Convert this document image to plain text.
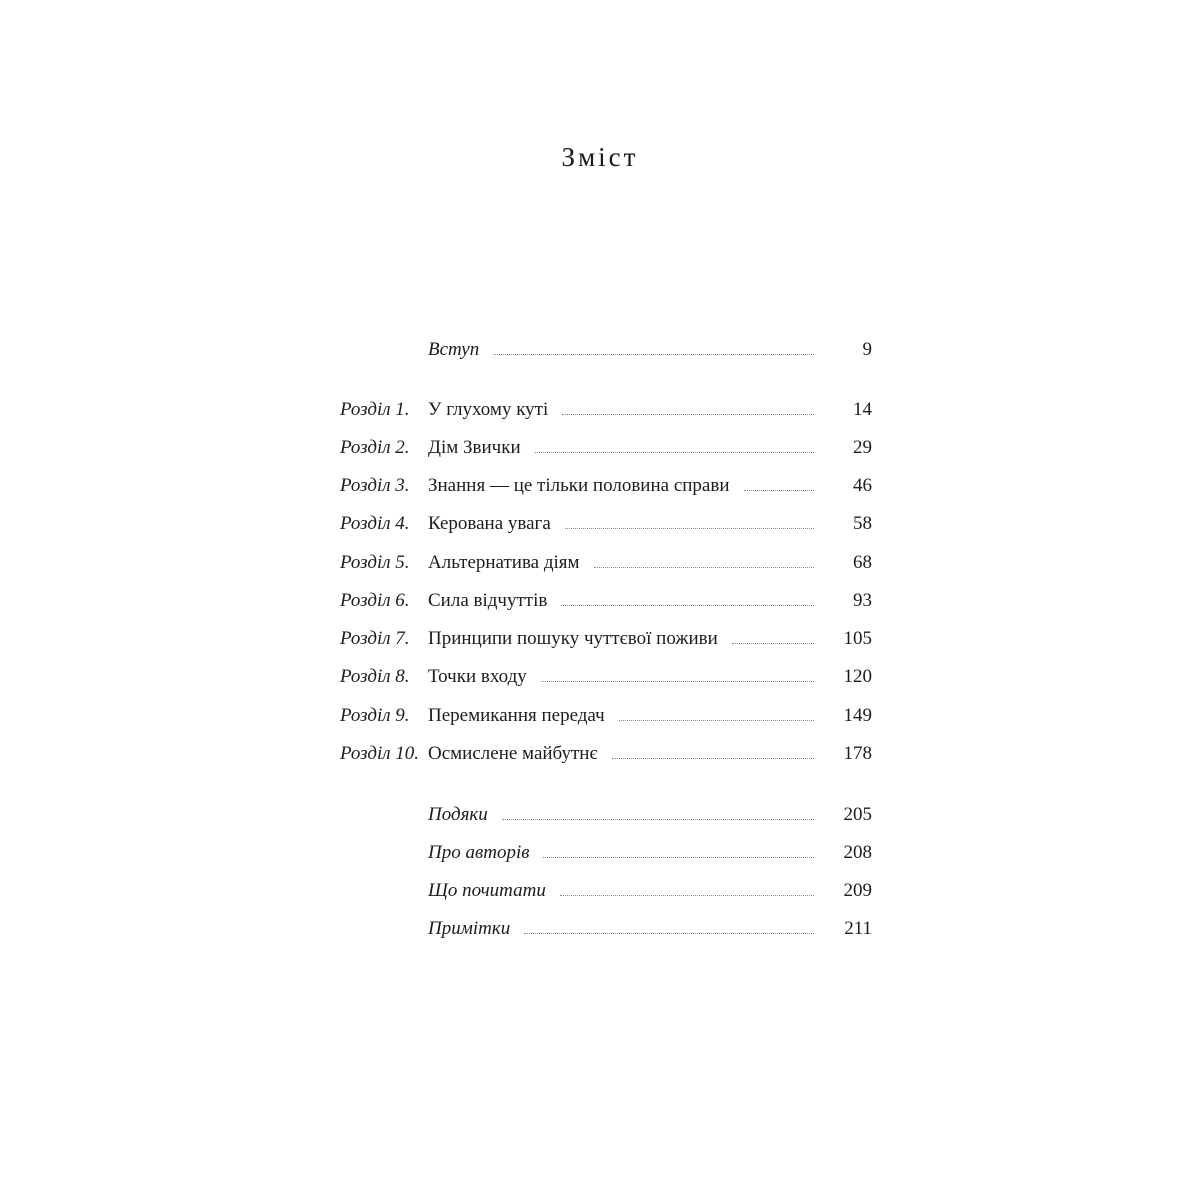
Зміст
Вступ	9
Розділ 1. У глухому куті	14
Розділ 2. Дім Звички	29
Розділ 3. Знання — це тільки половина справи	46
Розділ 4. Керована увага	58
Розділ 5. Альтернатива діям	68
Розділ 6. Сила відчуттів	93
Розділ 7. Принципи пошуку чуттєвої поживи	105
Розділ 8. Точки входу	120
Розділ 9. Перемикання передач	149
Розділ 10. Осмислене майбутнє	178
Подяки	205
Про авторів	208
Що почитати	209
Примітки	211
